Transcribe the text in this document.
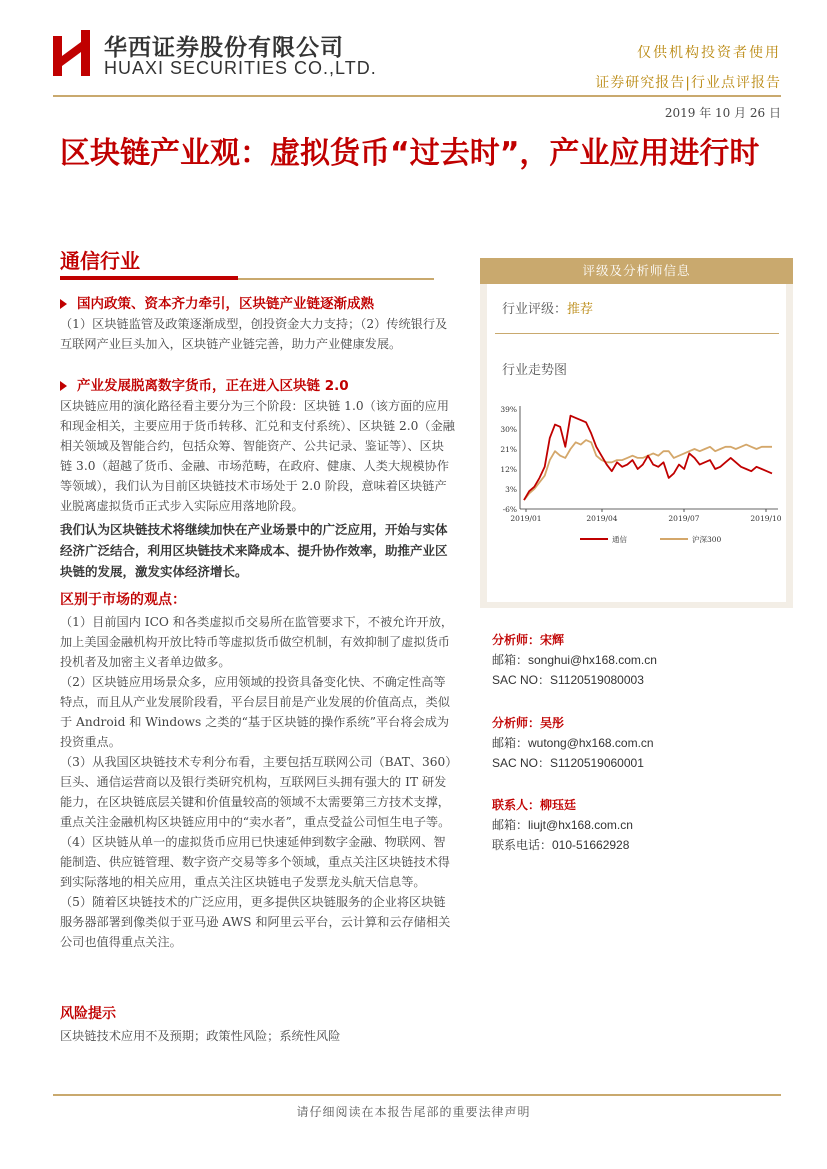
华西证券股份有限公司
HUAXI SECURITIES CO.,LTD.
仅供机构投资者使用
证券研究报告|行业点评报告
2019 年 10 月 26 日
区块链产业观：虚拟货币“过去时”，产业应用进行时
通信行业
国内政策、资本齐力牵引，区块链产业链逐渐成熟
（1）区块链监管及政策逐渐成型，创投资金大力支持；（2）传统银行及互联网产业巨头加入，区块链产业链完善，助力产业健康发展。
产业发展脱离数字货币，正在进入区块链 2.0
区块链应用的演化路径看主要分为三个阶段：区块链 1.0（该方面的应用和现金相关，主要应用于货币转移、汇兑和支付系统）、区块链 2.0（金融相关领域及智能合约，包括众筹、智能资产、公共记录、鉴证等）、区块链 3.0（超越了货币、金融、市场范畴，在政府、健康、人类大规模协作等领域），我们认为目前区块链技术市场处于 2.0 阶段，意味着区块链产业脱离虚拟货币正式步入实际应用落地阶段。
我们认为区块链技术将继续加快在产业场景中的广泛应用，开始与实体经济广泛结合，利用区块链技术来降成本、提升协作效率，助推产业区块链的发展，激发实体经济增长。
区别于市场的观点：
（1）目前国内 ICO 和各类虚拟币交易所在监管要求下，不被允许开放，加上美国金融机构开放比特币等虚拟货币做空机制，有效抑制了虚拟货币投机者及加密主义者单边做多。
（2）区块链应用场景众多，应用领域的投资具备变化快、不确定性高等特点，而且从产业发展阶段看，平台层目前是产业发展的价值高点，类似于 Android 和 Windows 之类的“基于区块链的操作系统”平台将会成为投资重点。
（3）从我国区块链技术专利分布看，主要包括互联网公司（BAT、360）巨头、通信运营商以及银行类研究机构，互联网巨头拥有强大的 IT 研发能力，在区块链底层关键和价值量较高的领域不太需要第三方技术支撑，重点关注金融机构区块链应用中的“卖水者”，重点受益公司恒生电子等。
（4）区块链从单一的虚拟货币应用已快速延伸到数字金融、物联网、智能制造、供应链管理、数字资产交易等多个领域，重点关注区块链技术得到实际落地的相关应用，重点关注区块链电子发票龙头航天信息等。
（5）随着区块链技术的广泛应用，更多提供区块链服务的企业将区块链服务器部署到像类似于亚马逊 AWS 和阿里云平台，云计算和云存储相关公司也值得重点关注。
风险提示
区块链技术应用不及预期；政策性风险；系统性风险
评级及分析师信息
行业评级：推荐
行业走势图
39%
30%
21%
12%
3%
-6%
2019/01	2019/04	2019/07	2019/10
通信	沪深300
分析师：宋辉
邮箱：songhui@hx168.com.cn
SAC NO：S1120519080003
分析师：吴彤
邮箱：wutong@hx168.com.cn
SAC NO：S1120519060001
联系人：柳珏廷
邮箱：liujt@hx168.com.cn
联系电话：010-51662928
请仔细阅读在本报告尾部的重要法律声明
